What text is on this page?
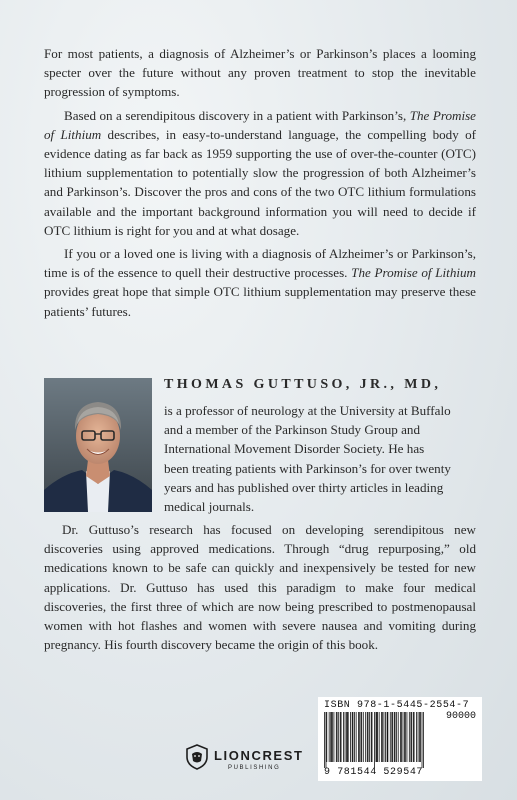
For most patients, a diagnosis of Alzheimer’s or Parkinson’s places a looming specter over the future without any proven treatment to stop the inevitable progression of symptoms.

Based on a serendipitous discovery in a patient with Parkinson’s, The Promise of Lithium describes, in easy-to-understand language, the compelling body of evidence dating as far back as 1959 supporting the use of over-the-counter (OTC) lithium supplementation to potentially slow the progression of both Alzheimer’s and Parkinson’s. Discover the pros and cons of the two OTC lithium formulations available and the important background information you will need to decide if OTC lithium is right for you and at what dosage.

If you or a loved one is living with a diagnosis of Alzheimer’s or Parkinson’s, time is of the essence to quell their destructive processes. The Promise of Lithium provides great hope that simple OTC lithium supplementation may preserve these patients’ futures.

THOMAS GUTTUSO, JR., MD,
is a professor of neurology at the University at Buffalo
and a member of the Parkinson Study Group and
International Movement Disorder Society. He has
been treating patients with Parkinson’s for over twenty
years and has published over thirty articles in leading
medical journals.

Dr. Guttuso’s research has focused on developing serendipitous new discoveries using approved medications. Through “drug repurposing,” old medications known to be safe can quickly and inexpensively be tested for new applications. Dr. Guttuso has used this paradigm to make four medical discoveries, the first three of which are now being prescribed to postmenopausal women with hot flashes and women with severe nausea and vomiting during pregnancy. His fourth discovery became the origin of this book.

LIONCREST
PUBLISHING

ISBN 978-1-5445-2554-7

90000
9 781544 529547
